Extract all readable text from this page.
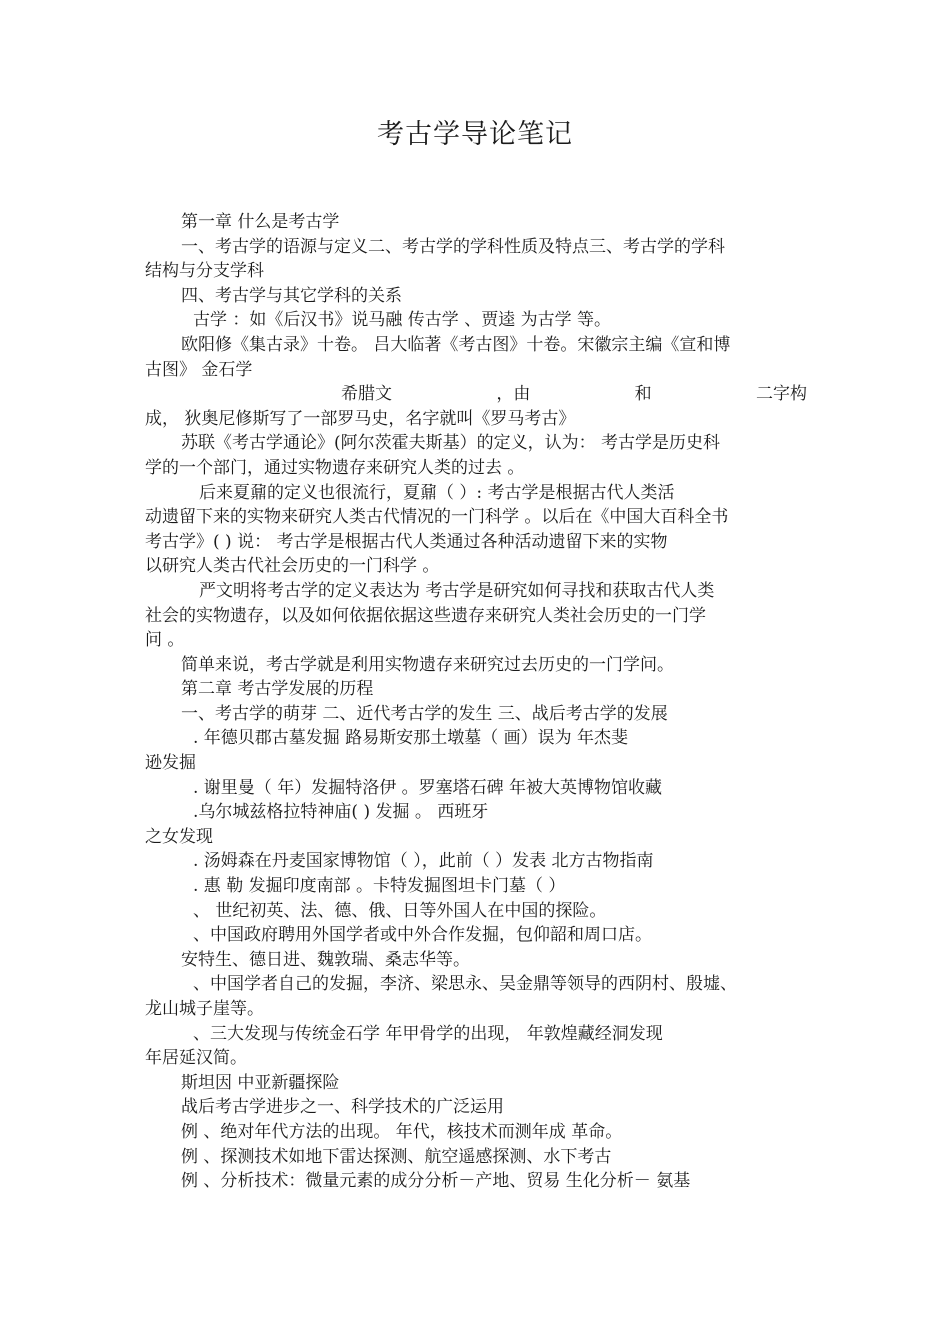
考古学导论笔记
第一章 什么是考古学
一、考古学的语源与定义二、考古学的学科性质及特点三、考古学的学科
结构与分支学科
四、考古学与其它学科的关系
古学 ：如《后汉书》说马融 传古学 、贾逵 为古学 等。
欧阳修《集古录》十卷。 吕大临著《考古图》十卷。宋徽宗主编《宣和博
古图》 金石学
希腊文	，由	和	二字构
成， 狄奥尼修斯写了一部罗马史，名字就叫《罗马考古》
苏联《考古学通论》(阿尔茨霍夫斯基）的定义，认为： 考古学是历史科
学的一个部门，通过实物遗存来研究人类的过去 。
后来夏鼐的定义也很流行，夏鼐（ ）: 考古学是根据古代人类活
动遗留下来的实物来研究人类古代情况的一门科学 。以后在《中国大百科全书
考古学》( ) 说： 考古学是根据古代人类通过各种活动遗留下来的实物
以研究人类古代社会历史的一门科学 。
严文明将考古学的定义表达为 考古学是研究如何寻找和获取古代人类
社会的实物遗存，以及如何依据依据这些遗存来研究人类社会历史的一门学
问 。
简单来说，考古学就是利用实物遗存来研究过去历史的一门学问。
第二章 考古学发展的历程
一、考古学的萌芽 二、近代考古学的发生 三、战后考古学的发展
. 年德贝郡古墓发掘 路易斯安那土墩墓（ 画）误为 年杰斐
逊发掘
. 谢里曼（ 年）发掘特洛伊 。罗塞塔石碑 年被大英博物馆收藏
.乌尔城兹格拉特神庙( ) 发掘 。 西班牙
之女发现
. 汤姆森在丹麦国家博物馆（ ），此前（ ）发表 北方古物指南
. 惠 勒 发掘印度南部 。卡特发掘图坦卡门墓（ ）
、 世纪初英、法、德、俄、日等外国人在中国的探险。
、中国政府聘用外国学者或中外合作发掘，包仰韶和周口店。
安特生、德日进、魏敦瑞、桑志华等。
、中国学者自己的发掘，李济、梁思永、吴金鼎等领导的西阴村、殷墟、
龙山城子崖等。
、三大发现与传统金石学 年甲骨学的出现， 年敦煌藏经洞发现
年居延汉简。
斯坦因 中亚新疆探险
战后考古学进步之一、科学技术的广泛运用
例 、绝对年代方法的出现。 年代，核技术而测年成 革命。
例 、探测技术如地下雷达探测、航空遥感探测、水下考古
例 、分析技术：微量元素的成分分析－产地、贸易 生化分析－ 氨基
